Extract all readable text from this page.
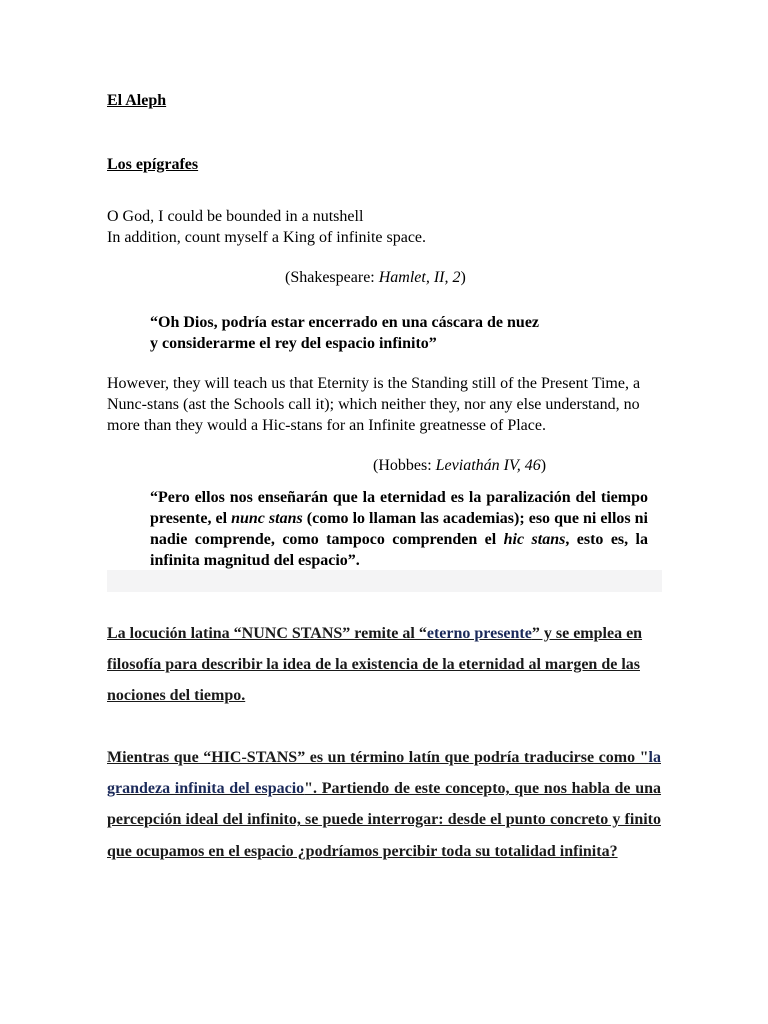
El Aleph
Los epígrafes
O God, I could be bounded in a nutshell
In addition, count myself a King of infinite space.
(Shakespeare: Hamlet, II, 2)
“Oh Dios, podría estar encerrado en una cáscara de nuez
y considerarme el rey del espacio infinito”
However, they will teach us that Eternity is the Standing still of the Present Time, a Nunc-stans (ast the Schools call it); which neither they, nor any else understand, no more than they would a Hic-stans for an Infinite greatnesse of Place.
(Hobbes: Leviathán IV, 46)
“Pero ellos nos enseñarán que la eternidad es la paralización del tiempo presente, el nunc stans (como lo llaman las academias); eso que ni ellos ni nadie comprende, como tampoco comprenden el hic stans, esto es, la infinita magnitud del espacio”.
La locución latina “NUNC STANS” remite al “eterno presente” y se emplea en filosofía para describir la idea de la existencia de la eternidad al margen de las nociones del tiempo.
Mientras que “HIC-STANS” es un término latín que podría traducirse como "la grandeza infinita del espacio". Partiendo de este concepto, que nos habla de una percepción ideal del infinito, se puede interrogar: desde el punto concreto y finito que ocupamos en el espacio ¿podríamos percibir toda su totalidad infinita?
